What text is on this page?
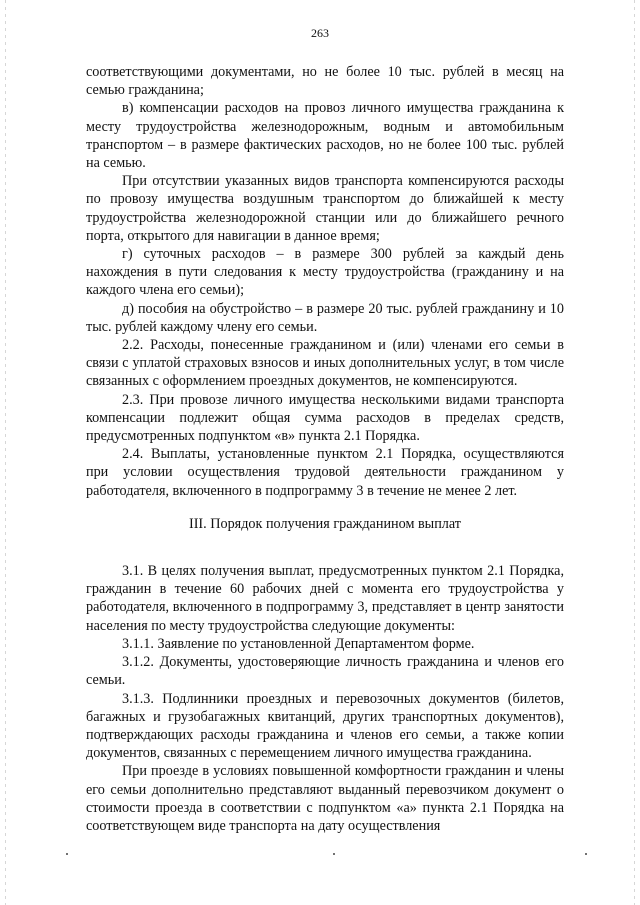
263

соответствующими документами, но не более 10 тыс. рублей в месяц на семью гражданина;

в) компенсации расходов на провоз личного имущества гражданина к месту трудоустройства железнодорожным, водным и автомобильным транспортом – в размере фактических расходов, но не более 100 тыс. рублей на семью.

При отсутствии указанных видов транспорта компенсируются расходы по провозу имущества воздушным транспортом до ближайшей к месту трудоустройства железнодорожной станции или до ближайшего речного порта, открытого для навигации в данное время;

г) суточных расходов – в размере 300 рублей за каждый день нахождения в пути следования к месту трудоустройства (гражданину и на каждого члена его семьи);

д) пособия на обустройство – в размере 20 тыс. рублей гражданину и 10 тыс. рублей каждому члену его семьи.

2.2. Расходы, понесенные гражданином и (или) членами его семьи в связи с уплатой страховых взносов и иных дополнительных услуг, в том числе связанных с оформлением проездных документов, не компенсируются.

2.3. При провозе личного имущества несколькими видами транспорта компенсации подлежит общая сумма расходов в пределах средств, предусмотренных подпунктом «в» пункта 2.1 Порядка.

2.4. Выплаты, установленные пунктом 2.1 Порядка, осуществляются при условии осуществления трудовой деятельности гражданином у работодателя, включенного в подпрограмму 3 в течение не менее 2 лет.

III. Порядок получения гражданином выплат

3.1. В целях получения выплат, предусмотренных пунктом 2.1 Порядка, гражданин в течение 60 рабочих дней с момента его трудоустройства у работодателя, включенного в подпрограмму 3, представляет в центр занятости населения по месту трудоустройства следующие документы:

3.1.1. Заявление по установленной Департаментом форме.

3.1.2. Документы, удостоверяющие личность гражданина и членов его семьи.

3.1.3. Подлинники проездных и перевозочных документов (билетов, багажных и грузобагажных квитанций, других транспортных документов), подтверждающих расходы гражданина и членов его семьи, а также копии документов, связанных с перемещением личного имущества гражданина.

При проезде в условиях повышенной комфортности гражданин и члены его семьи дополнительно представляют выданный перевозчиком документ о стоимости проезда в соответствии с подпунктом «а» пункта 2.1 Порядка на соответствующем виде транспорта на дату осуществления
